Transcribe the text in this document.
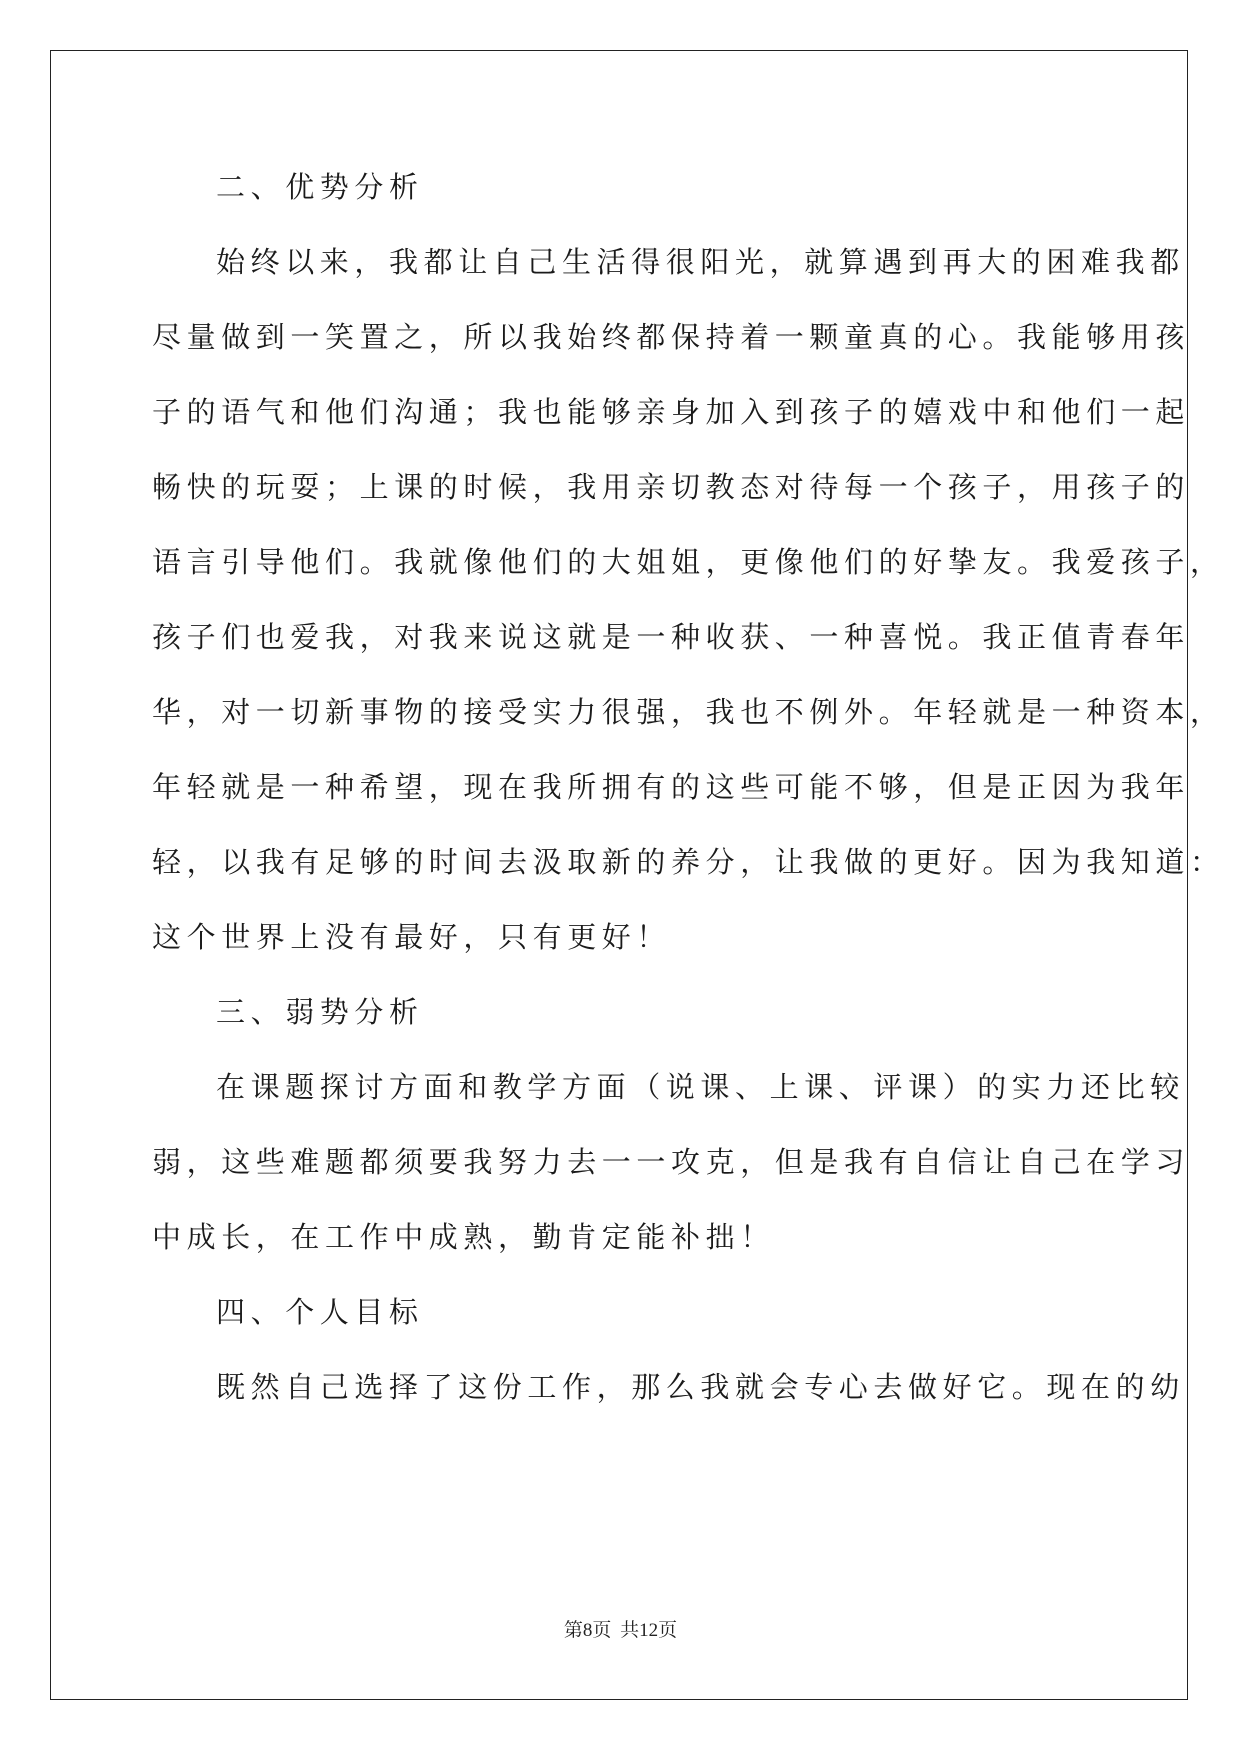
二、优势分析
始终以来，我都让自己生活得很阳光，就算遇到再大的困难我都
尽量做到一笑置之，所以我始终都保持着一颗童真的心。我能够用孩
子的语气和他们沟通；我也能够亲身加入到孩子的嬉戏中和他们一起
畅快的玩耍；上课的时候，我用亲切教态对待每一个孩子，用孩子的
语言引导他们。我就像他们的大姐姐，更像他们的好挚友。我爱孩子，
孩子们也爱我，对我来说这就是一种收获、一种喜悦。我正值青春年
华，对一切新事物的接受实力很强，我也不例外。年轻就是一种资本，
年轻就是一种希望，现在我所拥有的这些可能不够，但是正因为我年
轻，以我有足够的时间去汲取新的养分，让我做的更好。因为我知道：
这个世界上没有最好，只有更好！
三、弱势分析
在课题探讨方面和教学方面（说课、上课、评课）的实力还比较
弱，这些难题都须要我努力去一一攻克，但是我有自信让自己在学习
中成长，在工作中成熟，勤肯定能补拙！
四、个人目标
既然自己选择了这份工作，那么我就会专心去做好它。现在的幼
第8页 共12页
